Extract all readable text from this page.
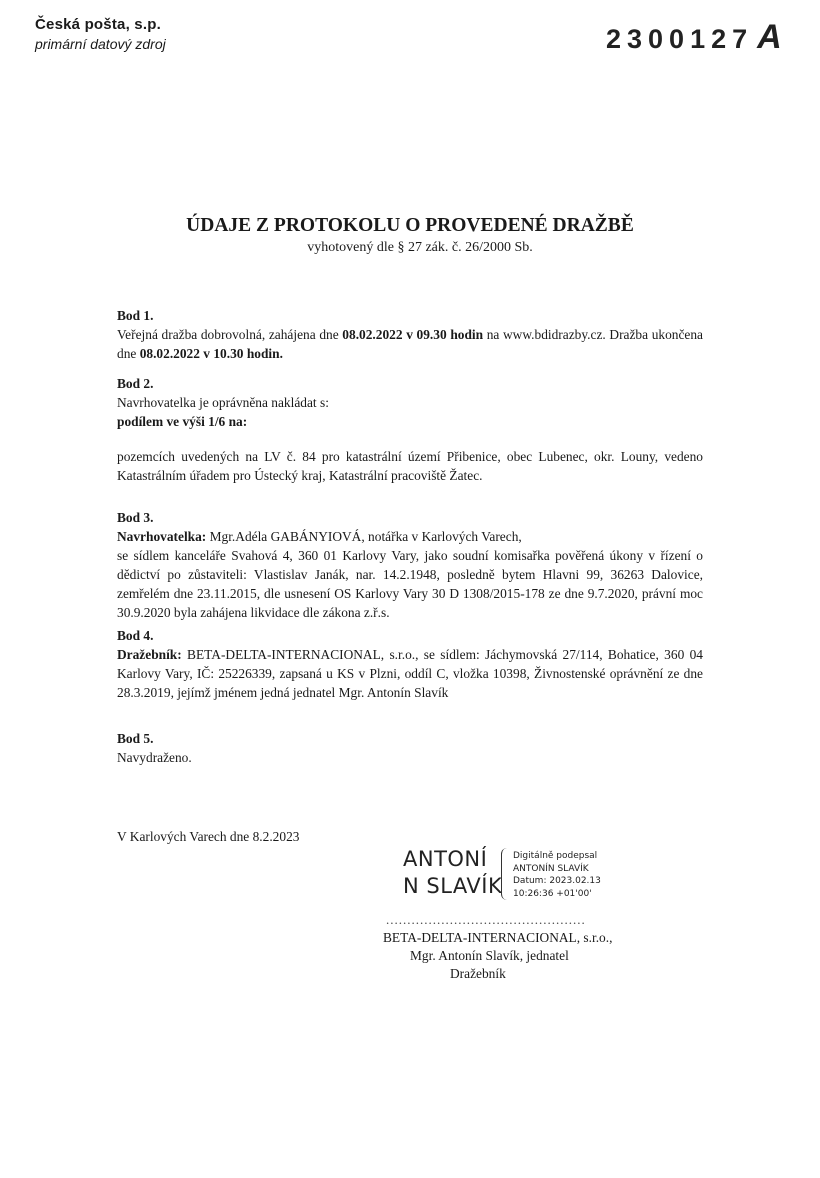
Česká pošta, s.p.
primární datový zdroj	2300127 A
ÚDAJE Z PROTOKOLU O PROVEDENÉ DRAŽBĚ
vyhotovený dle § 27 zák. č. 26/2000 Sb.
Bod 1.

Veřejná dražba dobrovolná, zahájena dne 08.02.2022 v 09.30 hodin na www.bdidrazby.cz. Dražba ukončena dne 08.02.2022 v 10.30 hodin.

Bod 2.

Navrhovatelka je oprávněna nakládat s:

podílem ve výši 1/6 na:

pozemcích uvedených na LV č. 84 pro katastrální území Přibenice, obec Lubenec, okr. Louny, vedeno Katastrálním úřadem pro Ústecký kraj, Katastrální pracoviště Žatec.

Bod 3.

Navrhovatelka: Mgr.Adéla GABÁNYIOVÁ, notářka v Karlových Varech,

se sídlem kanceláře Svahová 4, 360 01 Karlovy Vary, jako soudní komisařka pověřená úkony v řízení o dědictví po zůstaviteli: Vlastislav Janák, nar. 14.2.1948, posledně bytem Hlavni 99, 36263 Dalovice, zemřelém dne 23.11.2015, dle usnesení OS Karlovy Vary 30 D 1308/2015-178 ze dne 9.7.2020, právní moc 30.9.2020 byla zahájena likvidace dle zákona z.ř.s.

Bod 4.

Dražebník: BETA-DELTA-INTERNACIONAL, s.r.o., se sídlem: Jáchymovská 27/114, Bohatice, 360 04 Karlovy Vary, IČ: 25226339, zapsaná u KS v Plzni, oddíl C, vložka 10398, Živnostenské oprávnění ze dne 28.3.2019, jejímž jménem jedná jednatel Mgr. Antonín Slavík

Bod 5.

Navydraženo.

V Karlových Varech dne 8.2.2023
ANTONÍ
N SLAVÍK
Digitálně podepsal
ANTONÍN SLAVÍK
Datum: 2023.02.13
10:26:36 +01'00'
...............................................
BETA-DELTA-INTERNACIONAL, s.r.o.,
Mgr. Antonín Slavík, jednatel
Dražebník
